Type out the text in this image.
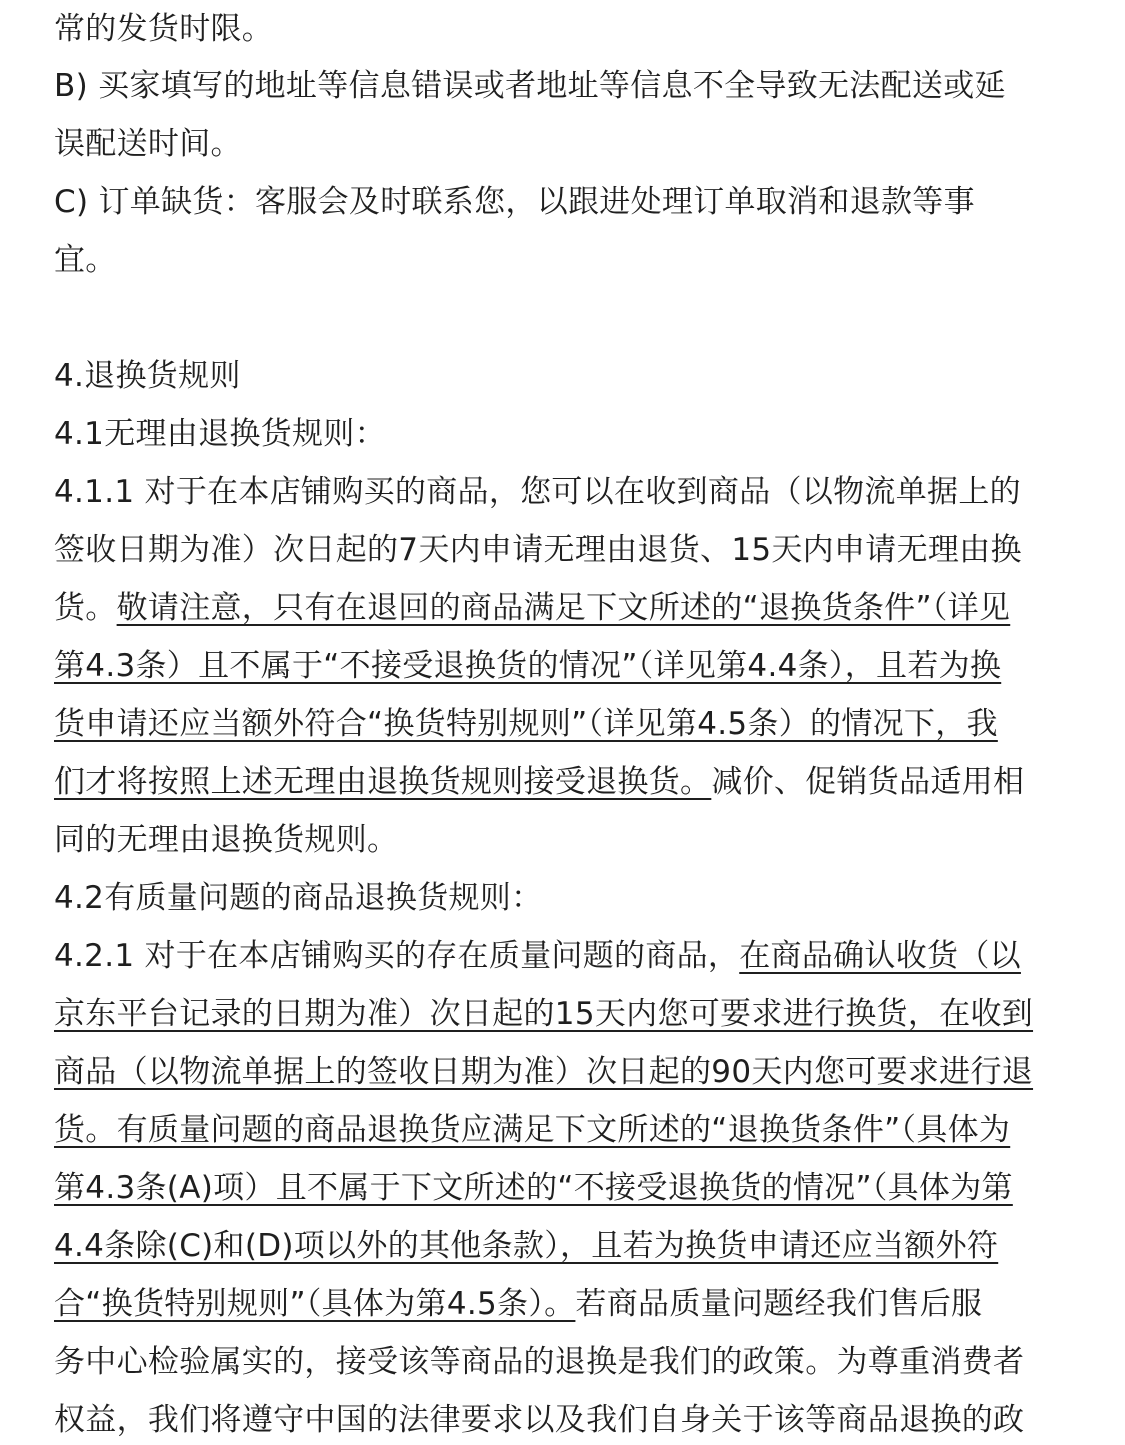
常的发货时限。
B) 买家填写的地址等信息错误或者地址等信息不全导致无法配送或延
误配送时间。
C) 订单缺货：客服会及时联系您，以跟进处理订单取消和退款等事
宜。
4.退换货规则
4.1无理由退换货规则：
4.1.1 对于在本店铺购买的商品，您可以在收到商品（以物流单据上的
签收日期为准）次日起的7天内申请无理由退货、15天内申请无理由换
货。敬请注意，只有在退回的商品满足下文所述的“退换货条件”（详见
第4.3条）且不属于“不接受退换货的情况”（详见第4.4条），且若为换
货申请还应当额外符合“换货特别规则”（详见第4.5条）的情况下，我
们才将按照上述无理由退换货规则接受退换货。减价、促销货品适用相
同的无理由退换货规则。
4.2有质量问题的商品退换货规则：
4.2.1 对于在本店铺购买的存在质量问题的商品，在商品确认收货（以
京东平台记录的日期为准）次日起的15天内您可要求进行换货，在收到
商品（以物流单据上的签收日期为准）次日起的90天内您可要求进行退
货。有质量问题的商品退换货应满足下文所述的“退换货条件”（具体为
第4.3条(A)项）且不属于下文所述的“不接受退换货的情况”（具体为第
4.4条除(C)和(D)项以外的其他条款），且若为换货申请还应当额外符
合“换货特别规则”（具体为第4.5条）。若商品质量问题经我们售后服
务中心检验属实的，接受该等商品的退换是我们的政策。为尊重消费者
权益，我们将遵守中国的法律要求以及我们自身关于该等商品退换的政
